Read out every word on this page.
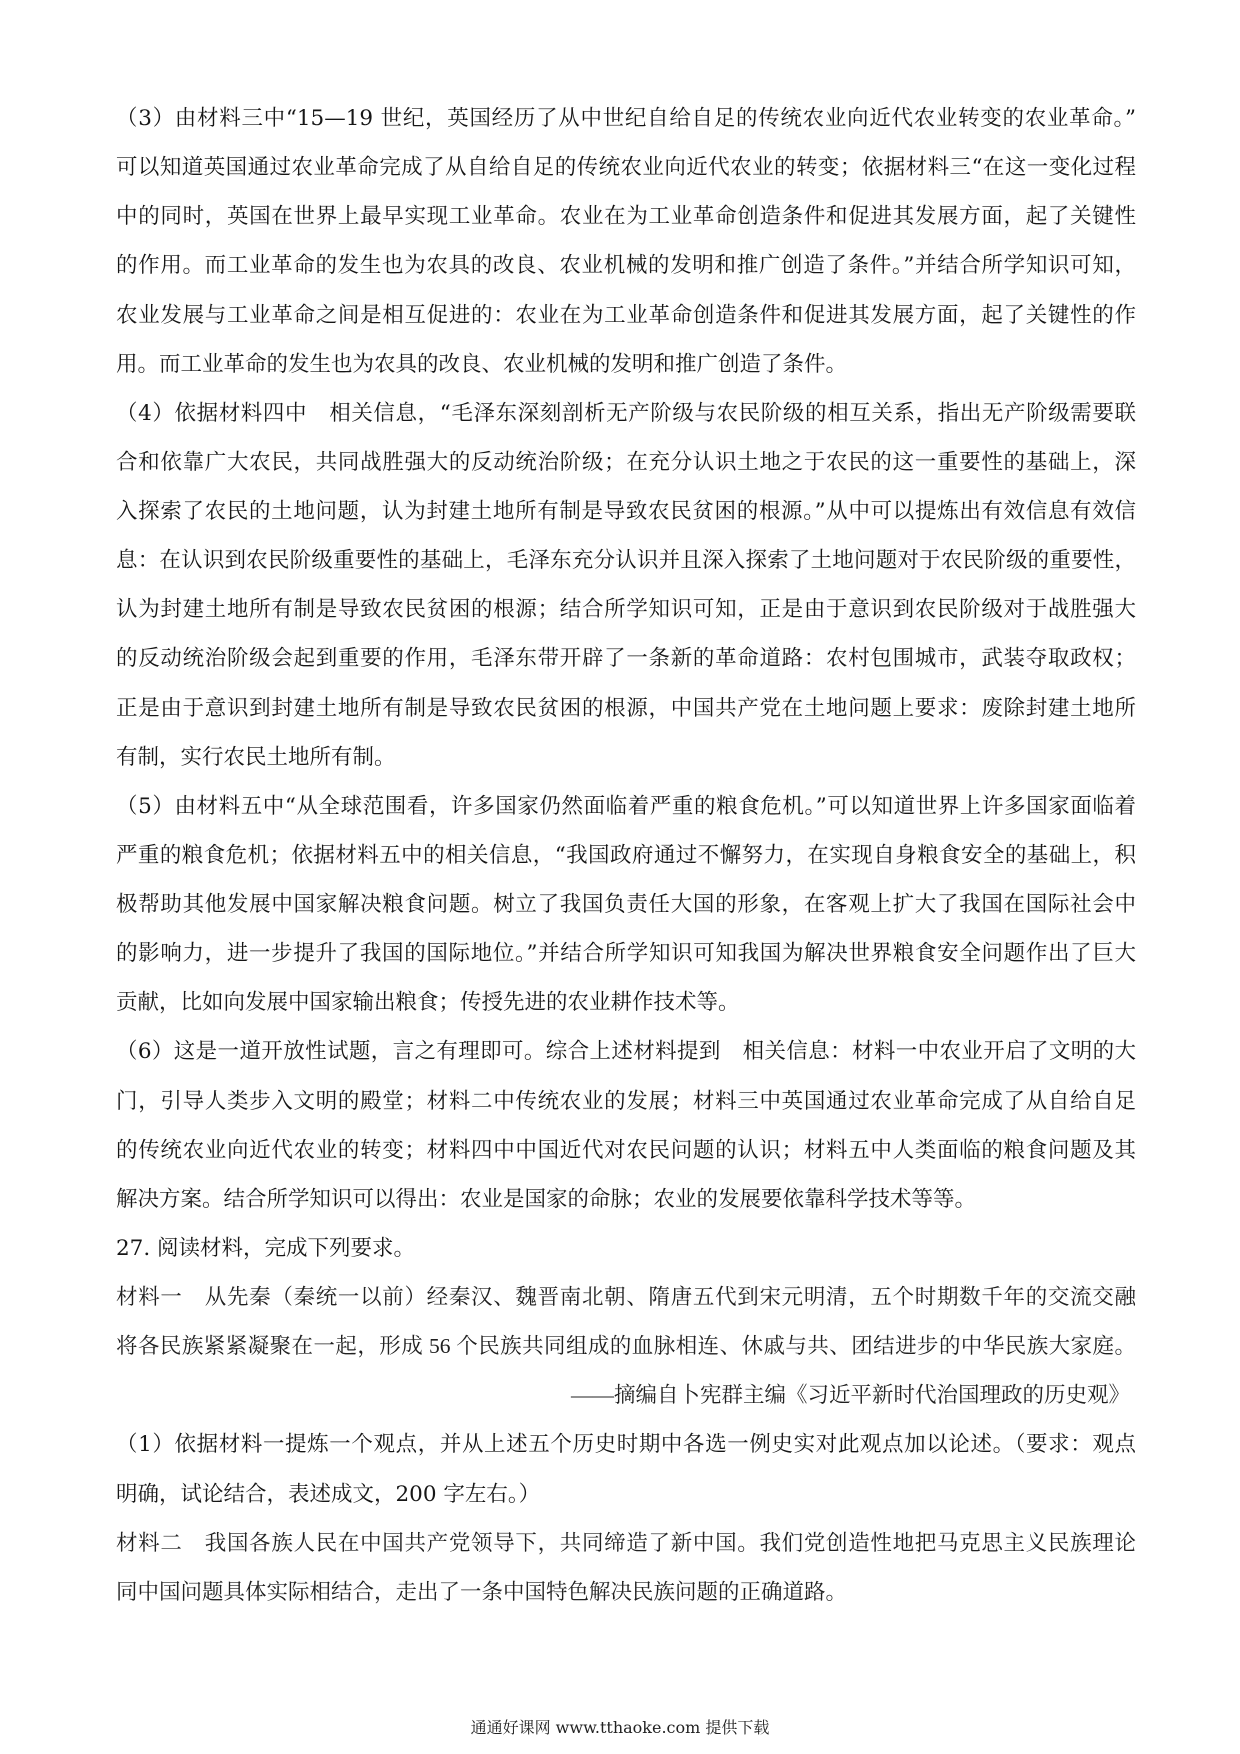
（3）由材料三中“15—19 世纪，英国经历了从中世纪自给自足的传统农业向近代农业转变的农业革命。”
可以知道英国通过农业革命完成了从自给自足的传统农业向近代农业的转变；依据材料三“在这一变化过程
中的同时，英国在世界上最早实现工业革命。农业在为工业革命创造条件和促进其发展方面，起了关键性
的作用。而工业革命的发生也为农具的改良、农业机械的发明和推广创造了条件。”并结合所学知识可知，
农业发展与工业革命之间是相互促进的：农业在为工业革命创造条件和促进其发展方面，起了关键性的作
用。而工业革命的发生也为农具的改良、农业机械的发明和推广创造了条件。
（4）依据材料四中　相关信息，“毛泽东深刻剖析无产阶级与农民阶级的相互关系，指出无产阶级需要联
合和依靠广大农民，共同战胜强大的反动统治阶级；在充分认识土地之于农民的这一重要性的基础上，深
入探索了农民的土地问题，认为封建土地所有制是导致农民贫困的根源。”从中可以提炼出有效信息有效信
息：在认识到农民阶级重要性的基础上，毛泽东充分认识并且深入探索了土地问题对于农民阶级的重要性，
认为封建土地所有制是导致农民贫困的根源；结合所学知识可知，正是由于意识到农民阶级对于战胜强大
的反动统治阶级会起到重要的作用，毛泽东带开辟了一条新的革命道路：农村包围城市，武装夺取政权；
正是由于意识到封建土地所有制是导致农民贫困的根源，中国共产党在土地问题上要求：废除封建土地所
有制，实行农民土地所有制。
（5）由材料五中“从全球范围看，许多国家仍然面临着严重的粮食危机。”可以知道世界上许多国家面临着
严重的粮食危机；依据材料五中的相关信息，“我国政府通过不懈努力，在实现自身粮食安全的基础上，积
极帮助其他发展中国家解决粮食问题。树立了我国负责任大国的形象，在客观上扩大了我国在国际社会中
的影响力，进一步提升了我国的国际地位。”并结合所学知识可知我国为解决世界粮食安全问题作出了巨大
贡献，比如向发展中国家输出粮食；传授先进的农业耕作技术等。
（6）这是一道开放性试题，言之有理即可。综合上述材料提到　相关信息：材料一中农业开启了文明的大
门，引导人类步入文明的殿堂；材料二中传统农业的发展；材料三中英国通过农业革命完成了从自给自足
的传统农业向近代农业的转变；材料四中中国近代对农民问题的认识；材料五中人类面临的粮食问题及其
解决方案。结合所学知识可以得出：农业是国家的命脉；农业的发展要依靠科学技术等等。
27. 阅读材料，完成下列要求。
材料一　从先秦（秦统一以前）经秦汉、魏晋南北朝、隋唐五代到宋元明清，五个时期数千年的交流交融
将各民族紧紧凝聚在一起，形成 56 个民族共同组成的血脉相连、休戚与共、团结进步的中华民族大家庭。
——摘编自卜宪群主编《习近平新时代治国理政的历史观》
（1）依据材料一提炼一个观点，并从上述五个历史时期中各选一例史实对此观点加以论述。（要求：观点
明确，试论结合，表述成文，200 字左右。）
材料二　我国各族人民在中国共产党领导下，共同缔造了新中国。我们党创造性地把马克思主义民族理论
同中国问题具体实际相结合，走出了一条中国特色解决民族问题的正确道路。
通通好课网 www.tthaoke.com 提供下载
